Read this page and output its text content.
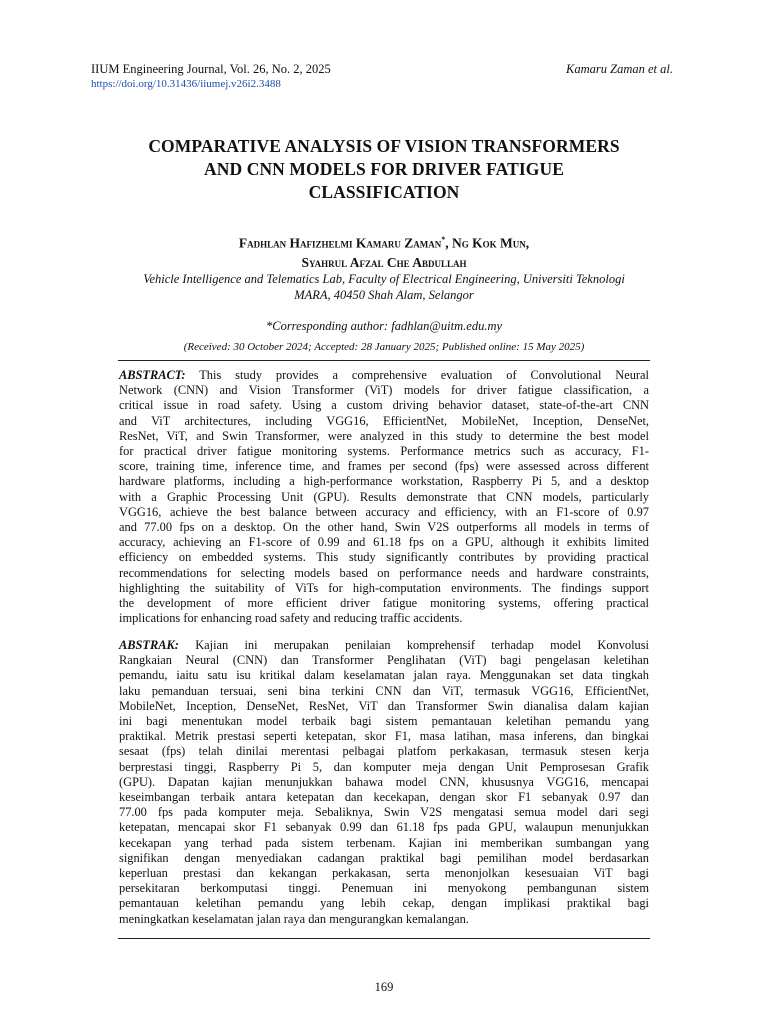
IIUM Engineering Journal, Vol. 26, No. 2, 2025
https://doi.org/10.31436/iiumej.v26i2.3488
Kamaru Zaman et al.
COMPARATIVE ANALYSIS OF VISION TRANSFORMERS
AND CNN MODELS FOR DRIVER FATIGUE
CLASSIFICATION
Fadhlan Hafizhelmi Kamaru Zaman*, Ng Kok Mun,
Syahrul Afzal Che Abdullah
Vehicle Intelligence and Telematics Lab, Faculty of Electrical Engineering, Universiti Teknologi
MARA, 40450 Shah Alam, Selangor
*Corresponding author: fadhlan@uitm.edu.my
(Received: 30 October 2024; Accepted: 28 January 2025; Published online: 15 May 2025)
ABSTRACT: This study provides a comprehensive evaluation of Convolutional Neural
Network (CNN) and Vision Transformer (ViT) models for driver fatigue classification, a
critical issue in road safety. Using a custom driving behavior dataset, state-of-the-art CNN
and ViT architectures, including VGG16, EfficientNet, MobileNet, Inception, DenseNet,
ResNet, ViT, and Swin Transformer, were analyzed in this study to determine the best model
for practical driver fatigue monitoring systems. Performance metrics such as accuracy, F1-
score, training time, inference time, and frames per second (fps) were assessed across different
hardware platforms, including a high-performance workstation, Raspberry Pi 5, and a desktop
with a Graphic Processing Unit (GPU). Results demonstrate that CNN models, particularly
VGG16, achieve the best balance between accuracy and efficiency, with an F1-score of 0.97
and 77.00 fps on a desktop. On the other hand, Swin V2S outperforms all models in terms of
accuracy, achieving an F1-score of 0.99 and 61.18 fps on a GPU, although it exhibits limited
efficiency on embedded systems. This study significantly contributes by providing practical
recommendations for selecting models based on performance needs and hardware constraints,
highlighting the suitability of ViTs for high-computation environments. The findings support
the development of more efficient driver fatigue monitoring systems, offering practical
implications for enhancing road safety and reducing traffic accidents.
ABSTRAK: Kajian ini merupakan penilaian komprehensif terhadap model Konvolusi
Rangkaian Neural (CNN) dan Transformer Penglihatan (ViT) bagi pengelasan keletihan
pemandu, iaitu satu isu kritikal dalam keselamatan jalan raya. Menggunakan set data tingkah
laku pemanduan tersuai, seni bina terkini CNN dan ViT, termasuk VGG16, EfficientNet,
MobileNet, Inception, DenseNet, ResNet, ViT dan Transformer Swin dianalisa dalam kajian
ini bagi menentukan model terbaik bagi sistem pemantauan keletihan pemandu yang
praktikal. Metrik prestasi seperti ketepatan, skor F1, masa latihan, masa inferens, dan bingkai
sesaat (fps) telah dinilai merentasi pelbagai platfom perkakasan, termasuk stesen kerja
berprestasi tinggi, Raspberry Pi 5, dan komputer meja dengan Unit Pemprosesan Grafik
(GPU). Dapatan kajian menunjukkan bahawa model CNN, khususnya VGG16, mencapai
keseimbangan terbaik antara ketepatan dan kecekapan, dengan skor F1 sebanyak 0.97 dan
77.00 fps pada komputer meja. Sebaliknya, Swin V2S mengatasi semua model dari segi
ketepatan, mencapai skor F1 sebanyak 0.99 dan 61.18 fps pada GPU, walaupun menunjukkan
kecekapan yang terhad pada sistem terbenam. Kajian ini memberikan sumbangan yang
signifikan dengan menyediakan cadangan praktikal bagi pemilihan model berdasarkan
keperluan prestasi dan kekangan perkakasan, serta menonjolkan kesesuaian ViT bagi
persekitaran berkomputasi tinggi. Penemuan ini menyokong pembangunan sistem
pemantauan keletihan pemandu yang lebih cekap, dengan implikasi praktikal bagi
meningkatkan keselamatan jalan raya dan mengurangkan kemalangan.
169
